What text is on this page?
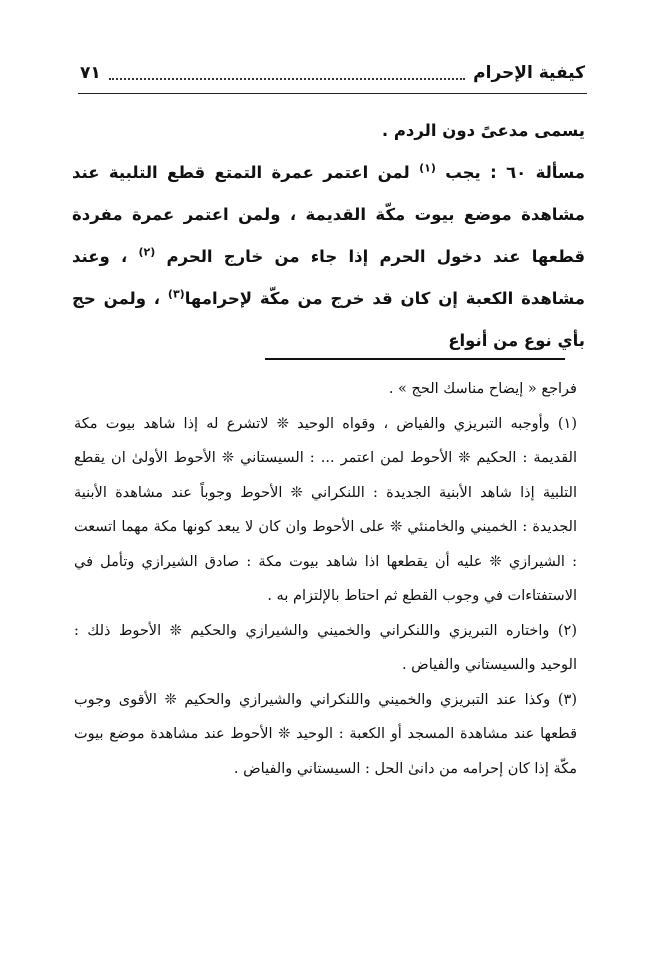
كيفية الإحرام
٧١

يسمى مدعىً دون الردم .

مسألة ٦٠ : يجب $^{(١)}$ لمن اعتمر عمرة التمتع قطع التلبية عند مشاهدة موضع بيوت مكّة القديمة ، ولمن اعتمر عمرة مفردة قطعها عند دخول الحرم إذا جاء من خارج الحرم $^{(٢)}$ ، وعند مشاهدة الكعبة إن كان قد خرج من مكّة لإحرامها$^{(٣)}$ ، ولمن حج بأي نوع من أنواع

فراجع « إيضاح مناسك الحج » .

(١) وأوجبه التبريزي والفياض ، وقواه الوحيد ❊ لاتشرع له إذا شاهد بيوت مكة القديمة : الحكيم ❊ الأحوط لمن اعتمر ... : السيستاني ❊ الأحوط الأولىٰ ان يقطع التلبية إذا شاهد الأبنية الجديدة : اللنكراني ❊ الأحوط وجوباً عند مشاهدة الأبنية الجديدة : الخميني والخامنئي ❊ على الأحوط وان كان لا يبعد كونها مكة مهما اتسعت : الشيرازي ❊ عليه أن يقطعها اذا شاهد بيوت مكة : صادق الشيرازي وتأمل في الاستفتاءات في وجوب القطع ثم احتاط بالإلتزام به .

(٢) واختاره التبريزي واللنكراني والخميني والشيرازي والحكيم ❊ الأحوط ذلك : الوحيد والسيستاني والفياض .

(٣) وكذا عند التبريزي والخميني واللنكراني والشيرازي والحكيم ❊ الأقوى وجوب قطعها عند مشاهدة المسجد أو الكعبة : الوحيد ❊ الأحوط عند مشاهدة موضع بيوت مكّة إذا كان إحرامه من دانىٰ الحل : السيستاني والفياض .
